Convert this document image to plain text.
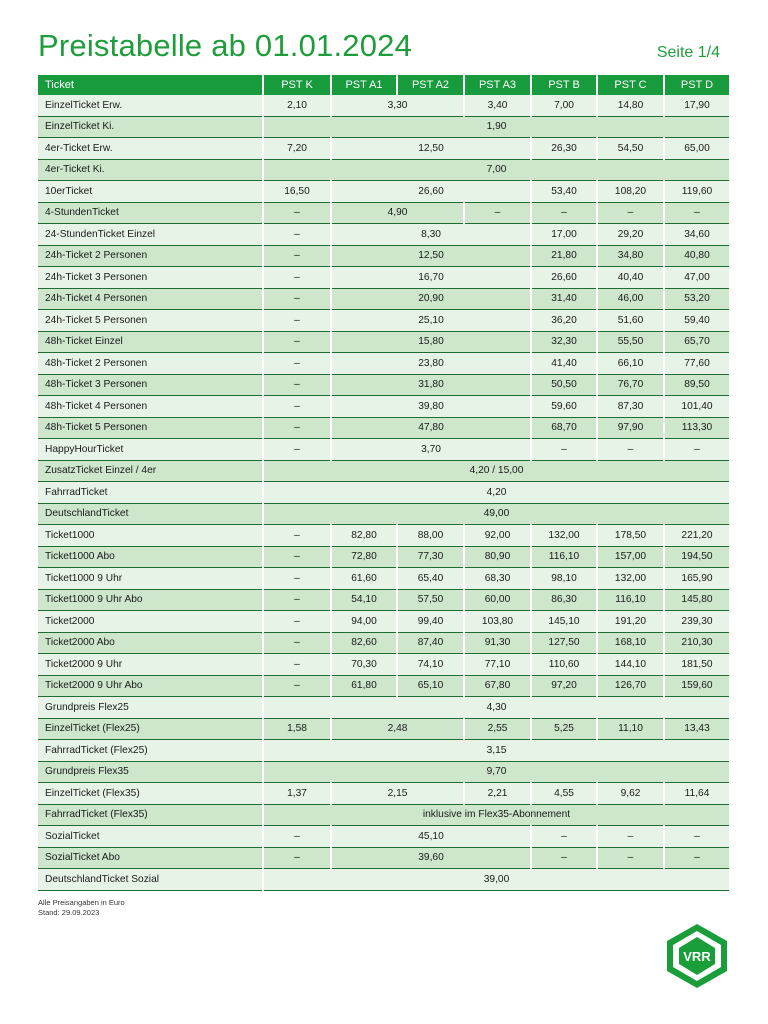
Preistabelle ab 01.01.2024	Seite 1/4
Ticket	PST K	PST A1	PST A2	PST A3	PST B	PST C	PST D
EinzelTicket Erw.	2,10	3,30		3,40	7,00	14,80	17,90
EinzelTicket Ki.	1,90						
4er-Ticket Erw.	7,20	12,50			26,30	54,50	65,00
4er-Ticket Ki.	7,00						
10erTicket	16,50	26,60			53,40	108,20	119,60
4-StundenTicket	–	4,90		–	–	–	–
24-StundenTicket Einzel	–	8,30			17,00	29,20	34,60
24h-Ticket 2 Personen	–	12,50			21,80	34,80	40,80
24h-Ticket 3 Personen	–	16,70			26,60	40,40	47,00
24h-Ticket 4 Personen	–	20,90			31,40	46,00	53,20
24h-Ticket 5 Personen	–	25,10			36,20	51,60	59,40
48h-Ticket Einzel	–	15,80			32,30	55,50	65,70
48h-Ticket 2 Personen	–	23,80			41,40	66,10	77,60
48h-Ticket 3 Personen	–	31,80			50,50	76,70	89,50
48h-Ticket 4 Personen	–	39,80			59,60	87,30	101,40
48h-Ticket 5 Personen	–	47,80			68,70	97,90	113,30
HappyHourTicket	–	3,70			–	–	–
ZusatzTicket Einzel / 4er	4,20 / 15,00						
FahrradTicket	4,20						
DeutschlandTicket	49,00						
Ticket1000	–	82,80	88,00	92,00	132,00	178,50	221,20
Ticket1000 Abo	–	72,80	77,30	80,90	116,10	157,00	194,50
Ticket1000 9 Uhr	–	61,60	65,40	68,30	98,10	132,00	165,90
Ticket1000 9 Uhr Abo	–	54,10	57,50	60,00	86,30	116,10	145,80
Ticket2000	–	94,00	99,40	103,80	145,10	191,20	239,30
Ticket2000 Abo	–	82,60	87,40	91,30	127,50	168,10	210,30
Ticket2000 9 Uhr	–	70,30	74,10	77,10	110,60	144,10	181,50
Ticket2000 9 Uhr Abo	–	61,80	65,10	67,80	97,20	126,70	159,60
Grundpreis Flex25	4,30						
EinzelTicket (Flex25)	1,58	2,48		2,55	5,25	11,10	13,43
FahrradTicket (Flex25)	3,15						
Grundpreis Flex35	9,70						
EinzelTicket (Flex35)	1,37	2,15		2,21	4,55	9,62	11,64
FahrradTicket (Flex35)	inklusive im Flex35-Abonnement						
SozialTicket	–	45,10			–	–	–
SozialTicket Abo	–	39,60			–	–	–
DeutschlandTicket Sozial	39,00						
Alle Preisangaben in Euro
Stand: 29.09.2023
VRR
